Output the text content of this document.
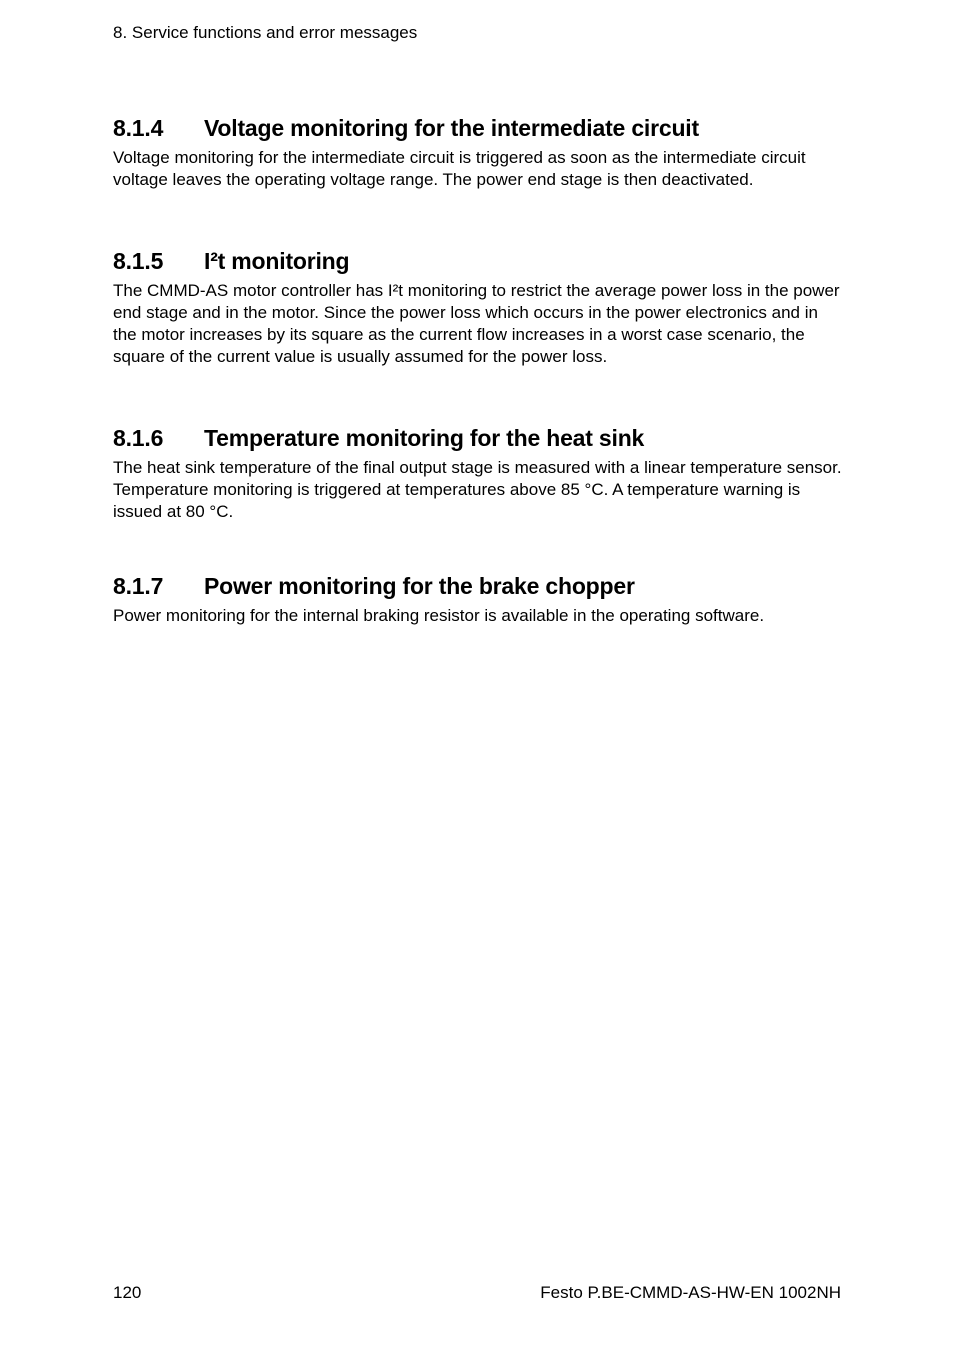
8. Service functions and error messages
8.1.4 Voltage monitoring for the intermediate circuit

Voltage monitoring for the intermediate circuit is triggered as soon as the intermediate circuit voltage leaves the operating voltage range. The power end stage is then deactivated.

8.1.5 I²t monitoring

The CMMD-AS motor controller has I²t monitoring to restrict the average power loss in the power end stage and in the motor. Since the power loss which occurs in the power electronics and in the motor increases by its square as the current flow increases in a worst case scenario, the square of the current value is usually assumed for the power loss.

8.1.6 Temperature monitoring for the heat sink

The heat sink temperature of the final output stage is measured with a linear temperature sensor. Temperature monitoring is triggered at temperatures above 85 °C. A temperature warning is issued at 80 °C.

8.1.7 Power monitoring for the brake chopper

Power monitoring for the internal braking resistor is available in the operating software.

120	Festo P.BE-CMMD-AS-HW-EN 1002NH
